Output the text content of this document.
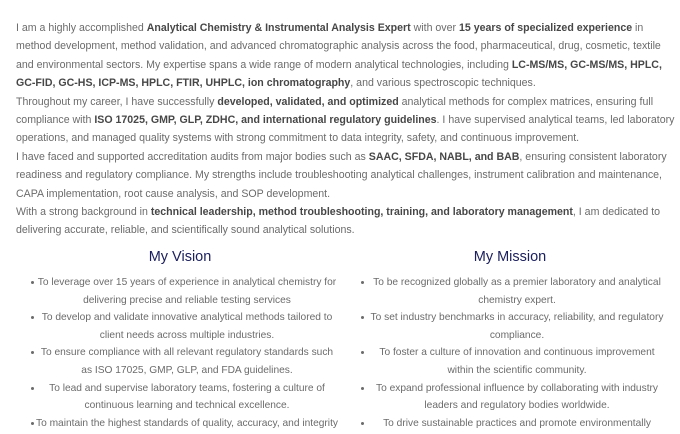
I am a highly accomplished Analytical Chemistry & Instrumental Analysis Expert with over 15 years of specialized experience in method development, method validation, and advanced chromatographic analysis across the food, pharmaceutical, drug, cosmetic, textile and environmental sectors. My expertise spans a wide range of modern analytical technologies, including LC-MS/MS, GC-MS/MS, HPLC, GC-FID, GC-HS, ICP-MS, HPLC, FTIR, UHPLC, ion chromatography, and various spectroscopic techniques.

Throughout my career, I have successfully developed, validated, and optimized analytical methods for complex matrices, ensuring full compliance with ISO 17025, GMP, GLP, ZDHC, and international regulatory guidelines. I have supervised analytical teams, led laboratory operations, and managed quality systems with strong commitment to data integrity, safety, and continuous improvement.

I have faced and supported accreditation audits from major bodies such as SAAC, SFDA, NABL, and BAB, ensuring consistent laboratory readiness and regulatory compliance. My strengths include troubleshooting analytical challenges, instrument calibration and maintenance, CAPA implementation, root cause analysis, and SOP development.

With a strong background in technical leadership, method troubleshooting, training, and laboratory management, I am dedicated to delivering accurate, reliable, and scientifically sound analytical solutions.

My Vision
To leverage over 15 years of experience in analytical chemistry for delivering precise and reliable testing services
To develop and validate innovative analytical methods tailored to client needs across multiple industries.
To ensure compliance with all relevant regulatory standards such as ISO 17025, GMP, GLP, and FDA guidelines.
To lead and supervise laboratory teams, fostering a culture of continuous learning and technical excellence.
To maintain the highest standards of quality, accuracy, and integrity
My Mission
To be recognized globally as a premier laboratory and analytical chemistry expert.
To set industry benchmarks in accuracy, reliability, and regulatory compliance.
To foster a culture of innovation and continuous improvement within the scientific community.
To expand professional influence by collaborating with industry leaders and regulatory bodies worldwide.
To drive sustainable practices and promote environmentally
